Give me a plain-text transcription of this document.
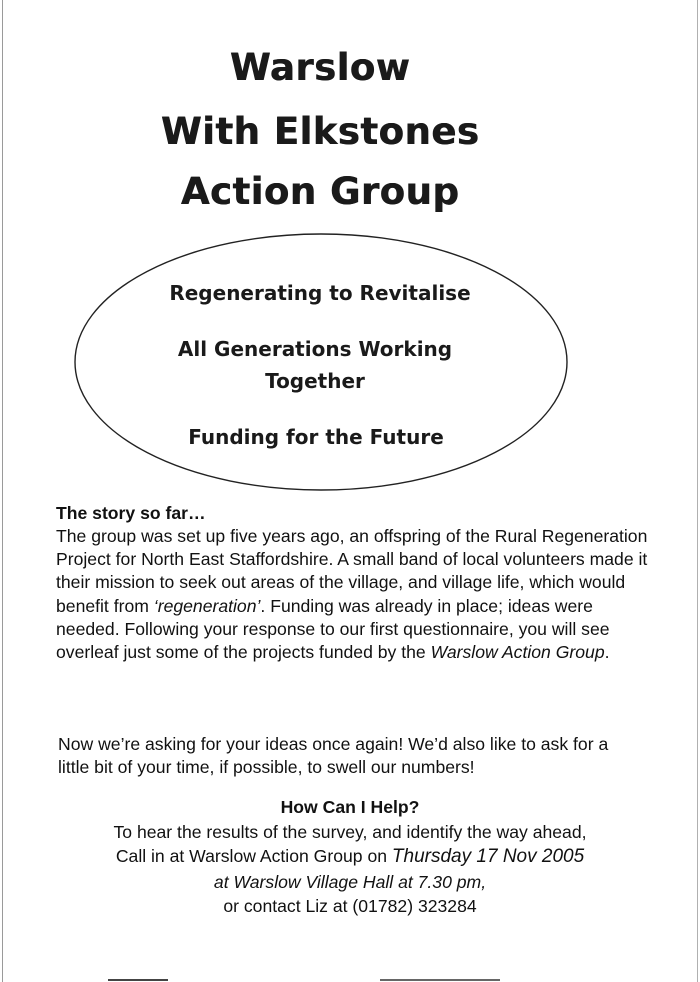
Warslow
With Elkstones
Action Group
Regenerating to Revitalise
All Generations Working
Together
Funding for the Future
The story so far…
The group was set up five years ago, an offspring of the Rural Regeneration Project for North East Staffordshire. A small band of local volunteers made it their mission to seek out areas of the village, and village life, which would benefit from ‘regeneration’. Funding was already in place; ideas were needed. Following your response to our first questionnaire, you will see overleaf just some of the projects funded by the Warslow Action Group.
Now we’re asking for your ideas once again! We’d also like to ask for a little bit of your time, if possible, to swell our numbers!
How Can I Help?
To hear the results of the survey, and identify the way ahead,
Call in at Warslow Action Group on Thursday 17 Nov 2005
at Warslow Village Hall at 7.30 pm,
or contact Liz at (01782) 323284
